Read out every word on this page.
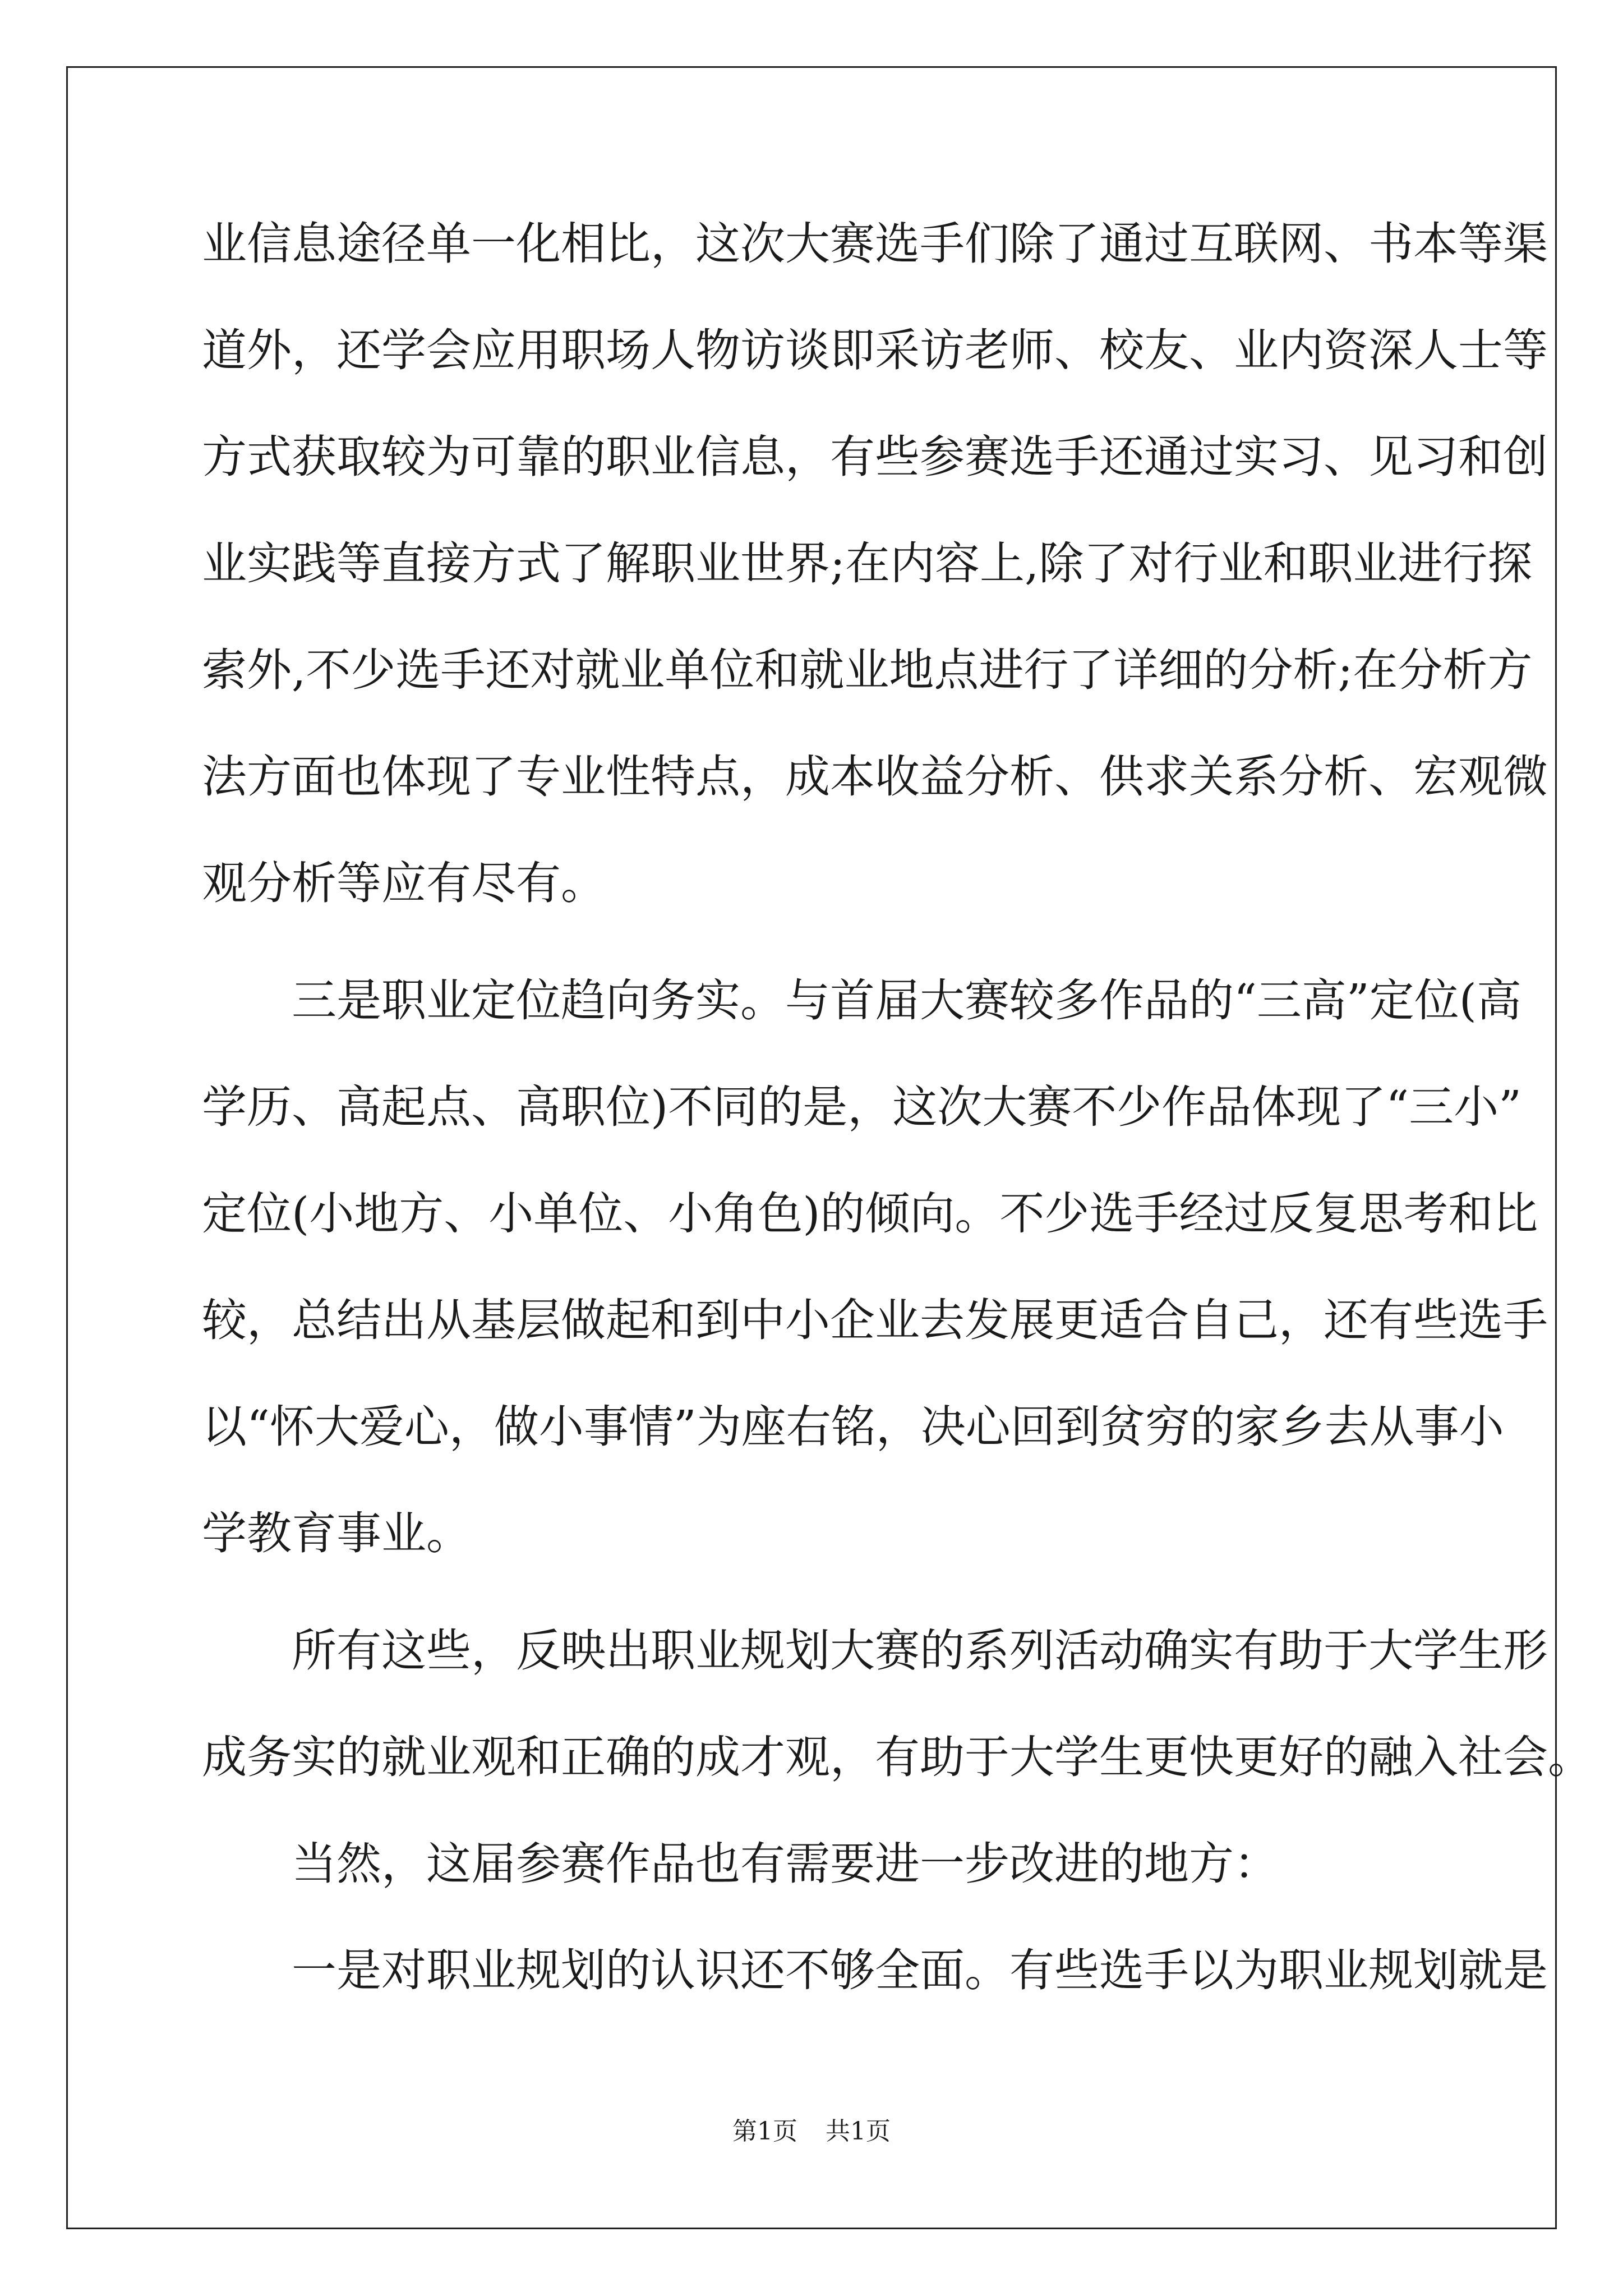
业信息途径单一化相比，这次大赛选手们除了通过互联网、书本等渠
道外，还学会应用职场人物访谈即采访老师、校友、业内资深人士等
方式获取较为可靠的职业信息，有些参赛选手还通过实习、见习和创
业实践等直接方式了解职业世界;在内容上,除了对行业和职业进行探
索外,不少选手还对就业单位和就业地点进行了详细的分析;在分析方
法方面也体现了专业性特点，成本收益分析、供求关系分析、宏观微
观分析等应有尽有。
三是职业定位趋向务实。与首届大赛较多作品的“三高”定位(高
学历、高起点、高职位)不同的是，这次大赛不少作品体现了“三小”
定位(小地方、小单位、小角色)的倾向。不少选手经过反复思考和比
较，总结出从基层做起和到中小企业去发展更适合自己，还有些选手
以“怀大爱心，做小事情”为座右铭，决心回到贫穷的家乡去从事小
学教育事业。
所有这些，反映出职业规划大赛的系列活动确实有助于大学生形
成务实的就业观和正确的成才观，有助于大学生更快更好的融入社会。
当然，这届参赛作品也有需要进一步改进的地方：
一是对职业规划的认识还不够全面。有些选手以为职业规划就是
第1页 共1页
